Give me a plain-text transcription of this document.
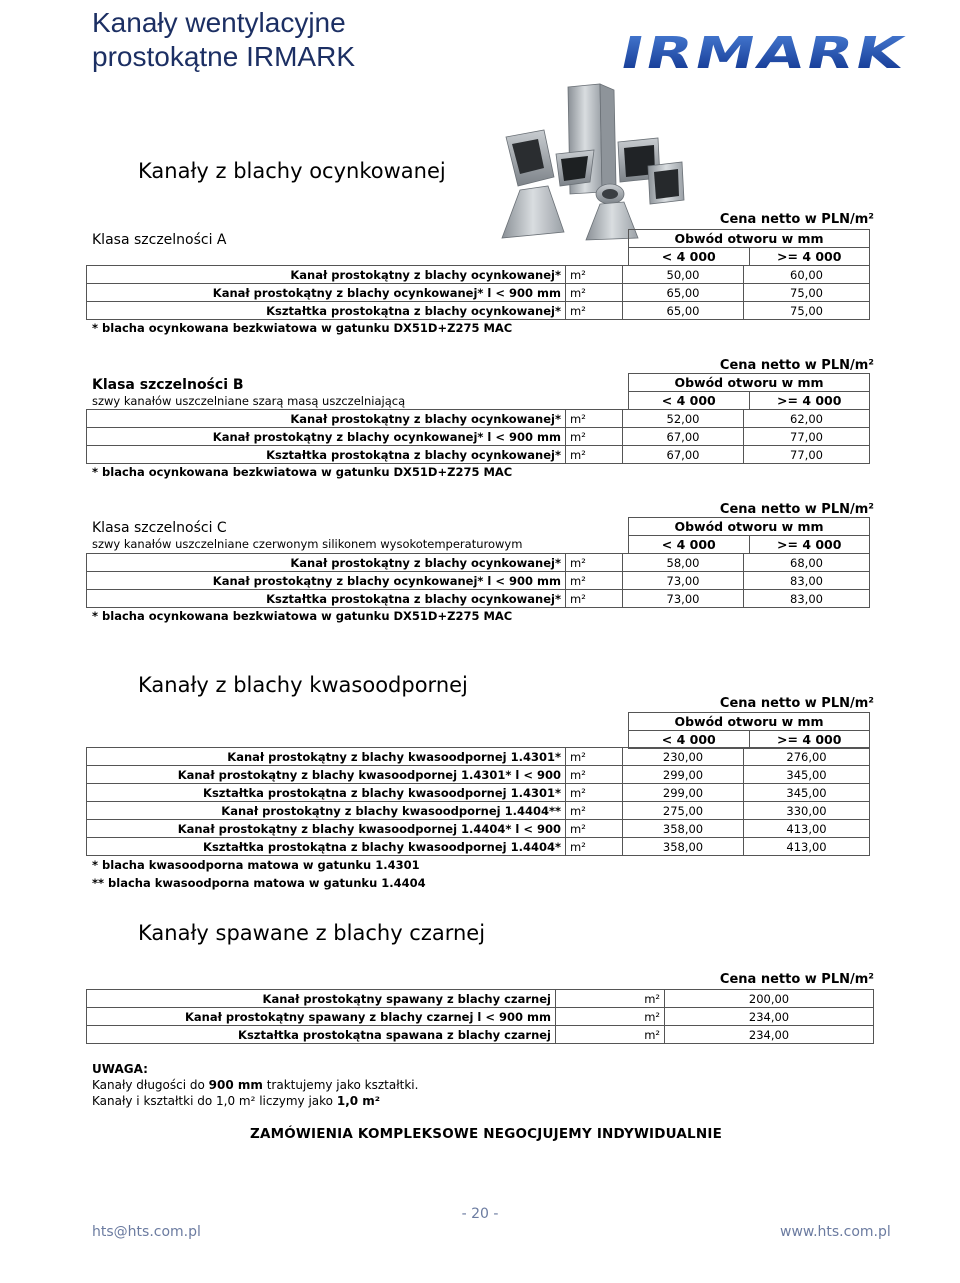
Kanały wentylacyjne
prostokątne IRMARK	IRMARK
Kanały z blachy ocynkowanej
Cena netto w PLN/m²
Klasa szczelności A	Obwód otworu w mm
< 4 000	>= 4 000
Kanał prostokątny z blachy ocynkowanej*	m²	50,00	60,00
Kanał prostokątny z blachy ocynkowanej* l < 900 mm	m²	65,00	75,00
Kształtka prostokątna z blachy ocynkowanej*	m²	65,00	75,00
* blacha ocynkowana bezkwiatowa w gatunku DX51D+Z275 MAC
Cena netto w PLN/m²
Klasa szczelności B
szwy kanałów uszczelniane szarą masą uszczelniającą
Obwód otworu w mm
< 4 000	>= 4 000
Kanał prostokątny z blachy ocynkowanej*	m²	52,00	62,00
Kanał prostokątny z blachy ocynkowanej* l < 900 mm	m²	67,00	77,00
Kształtka prostokątna z blachy ocynkowanej*	m²	67,00	77,00
* blacha ocynkowana bezkwiatowa w gatunku DX51D+Z275 MAC
Cena netto w PLN/m²
Klasa szczelności C
szwy kanałów uszczelniane czerwonym silikonem wysokotemperaturowym
Obwód otworu w mm
< 4 000	>= 4 000
Kanał prostokątny z blachy ocynkowanej*	m²	58,00	68,00
Kanał prostokątny z blachy ocynkowanej* l < 900 mm	m²	73,00	83,00
Kształtka prostokątna z blachy ocynkowanej*	m²	73,00	83,00
* blacha ocynkowana bezkwiatowa w gatunku DX51D+Z275 MAC
Kanały z blachy kwasoodpornej
Cena netto w PLN/m²
Obwód otworu w mm
< 4 000	>= 4 000
Kanał prostokątny z blachy kwasoodpornej 1.4301*	m²	230,00	276,00
Kanał prostokątny z blachy kwasoodpornej 1.4301* l < 900	m²	299,00	345,00
Kształtka prostokątna z blachy kwasoodpornej 1.4301*	m²	299,00	345,00
Kanał prostokątny z blachy kwasoodpornej 1.4404**	m²	275,00	330,00
Kanał prostokątny z blachy kwasoodpornej 1.4404* l < 900	m²	358,00	413,00
Kształtka prostokątna z blachy kwasoodpornej 1.4404*	m²	358,00	413,00
* blacha kwasoodporna matowa w gatunku 1.4301
** blacha kwasoodporna matowa w gatunku 1.4404
Kanały spawane z blachy czarnej
Cena netto w PLN/m²
Kanał prostokątny spawany z blachy czarnej	m²	200,00
Kanał prostokątny spawany z blachy czarnej l < 900 mm	m²	234,00
Kształtka prostokątna spawana z blachy czarnej	m²	234,00
UWAGA:
Kanały długości do 900 mm traktujemy jako kształtki.
Kanały i kształtki do 1,0 m² liczymy jako 1,0 m²
ZAMÓWIENIA KOMPLEKSOWE NEGOCJUJEMY INDYWIDUALNIE
- 20 -
hts@hts.com.pl	www.hts.com.pl
